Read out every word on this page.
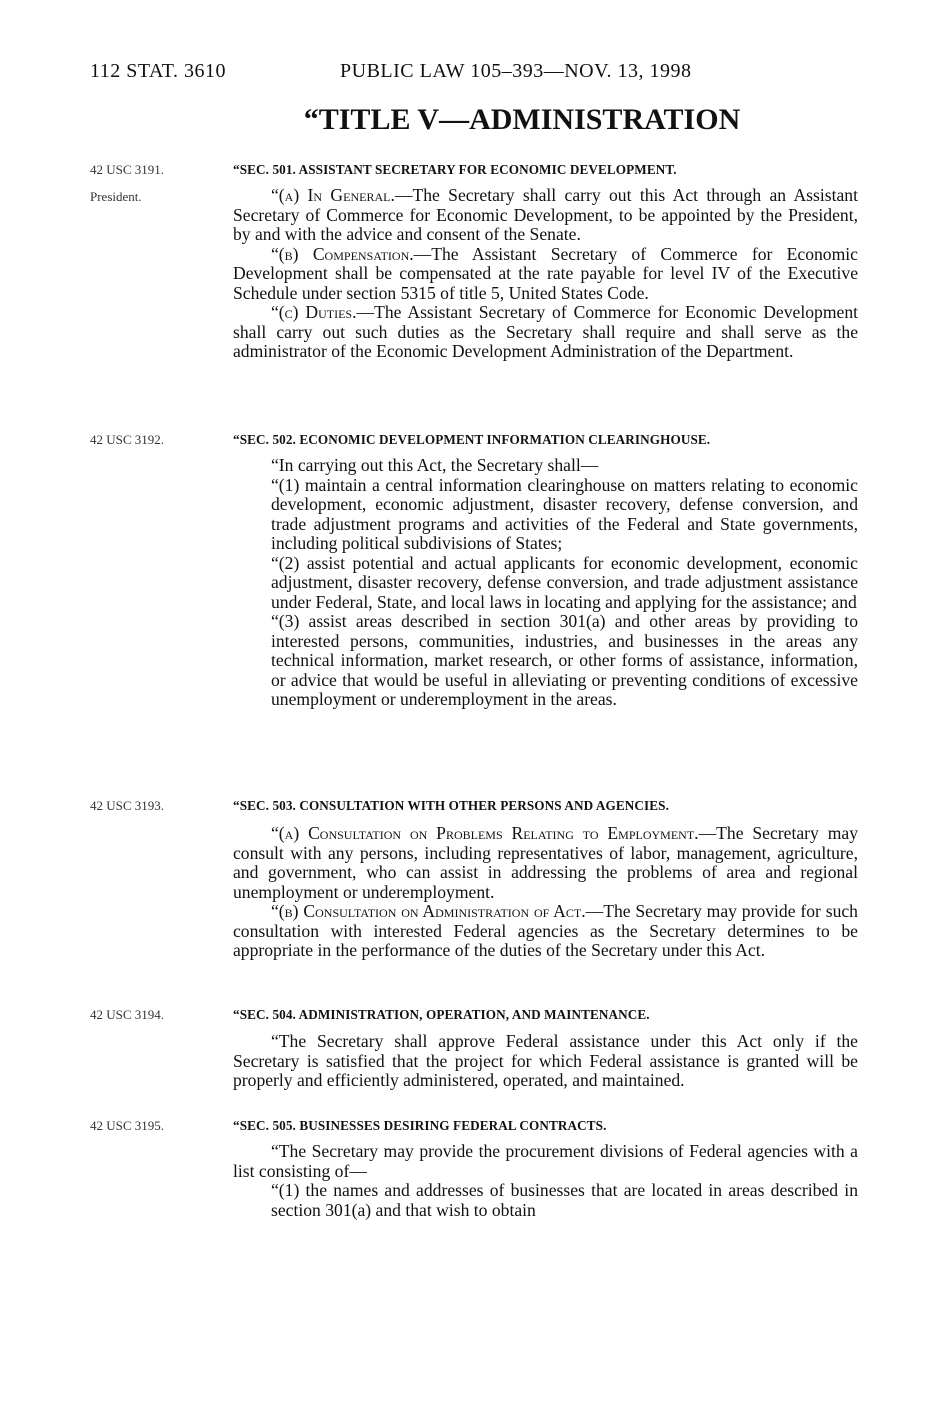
112 STAT. 3610	PUBLIC LAW 105–393—NOV. 13, 1998
“TITLE V—ADMINISTRATION
42 USC 3191.	“SEC. 501. ASSISTANT SECRETARY FOR ECONOMIC DEVELOPMENT.
President.	“(a) In General.—The Secretary shall carry out this Act through an Assistant Secretary of Commerce for Economic Development, to be appointed by the President, by and with the advice and consent of the Senate.

“(b) Compensation.—The Assistant Secretary of Commerce for Economic Development shall be compensated at the rate payable for level IV of the Executive Schedule under section 5315 of title 5, United States Code.

“(c) Duties.—The Assistant Secretary of Commerce for Economic Development shall carry out such duties as the Secretary shall require and shall serve as the administrator of the Economic Development Administration of the Department.

42 USC 3192.	“SEC. 502. ECONOMIC DEVELOPMENT INFORMATION CLEARINGHOUSE.

“In carrying out this Act, the Secretary shall—

“(1) maintain a central information clearinghouse on matters relating to economic development, economic adjustment, disaster recovery, defense conversion, and trade adjustment programs and activities of the Federal and State governments, including political subdivisions of States;

“(2) assist potential and actual applicants for economic development, economic adjustment, disaster recovery, defense conversion, and trade adjustment assistance under Federal, State, and local laws in locating and applying for the assistance; and

“(3) assist areas described in section 301(a) and other areas by providing to interested persons, communities, industries, and businesses in the areas any technical information, market research, or other forms of assistance, information, or advice that would be useful in alleviating or preventing conditions of excessive unemployment or underemployment in the areas.

42 USC 3193.	“SEC. 503. CONSULTATION WITH OTHER PERSONS AND AGENCIES.

“(a) Consultation on Problems Relating to Employment.—The Secretary may consult with any persons, including representatives of labor, management, agriculture, and government, who can assist in addressing the problems of area and regional unemployment or underemployment.

“(b) Consultation on Administration of Act.—The Secretary may provide for such consultation with interested Federal agencies as the Secretary determines to be appropriate in the performance of the duties of the Secretary under this Act.

42 USC 3194.	“SEC. 504. ADMINISTRATION, OPERATION, AND MAINTENANCE.

“The Secretary shall approve Federal assistance under this Act only if the Secretary is satisfied that the project for which Federal assistance is granted will be properly and efficiently administered, operated, and maintained.

42 USC 3195.	“SEC. 505. BUSINESSES DESIRING FEDERAL CONTRACTS.

“The Secretary may provide the procurement divisions of Federal agencies with a list consisting of—

“(1) the names and addresses of businesses that are located in areas described in section 301(a) and that wish to obtain
